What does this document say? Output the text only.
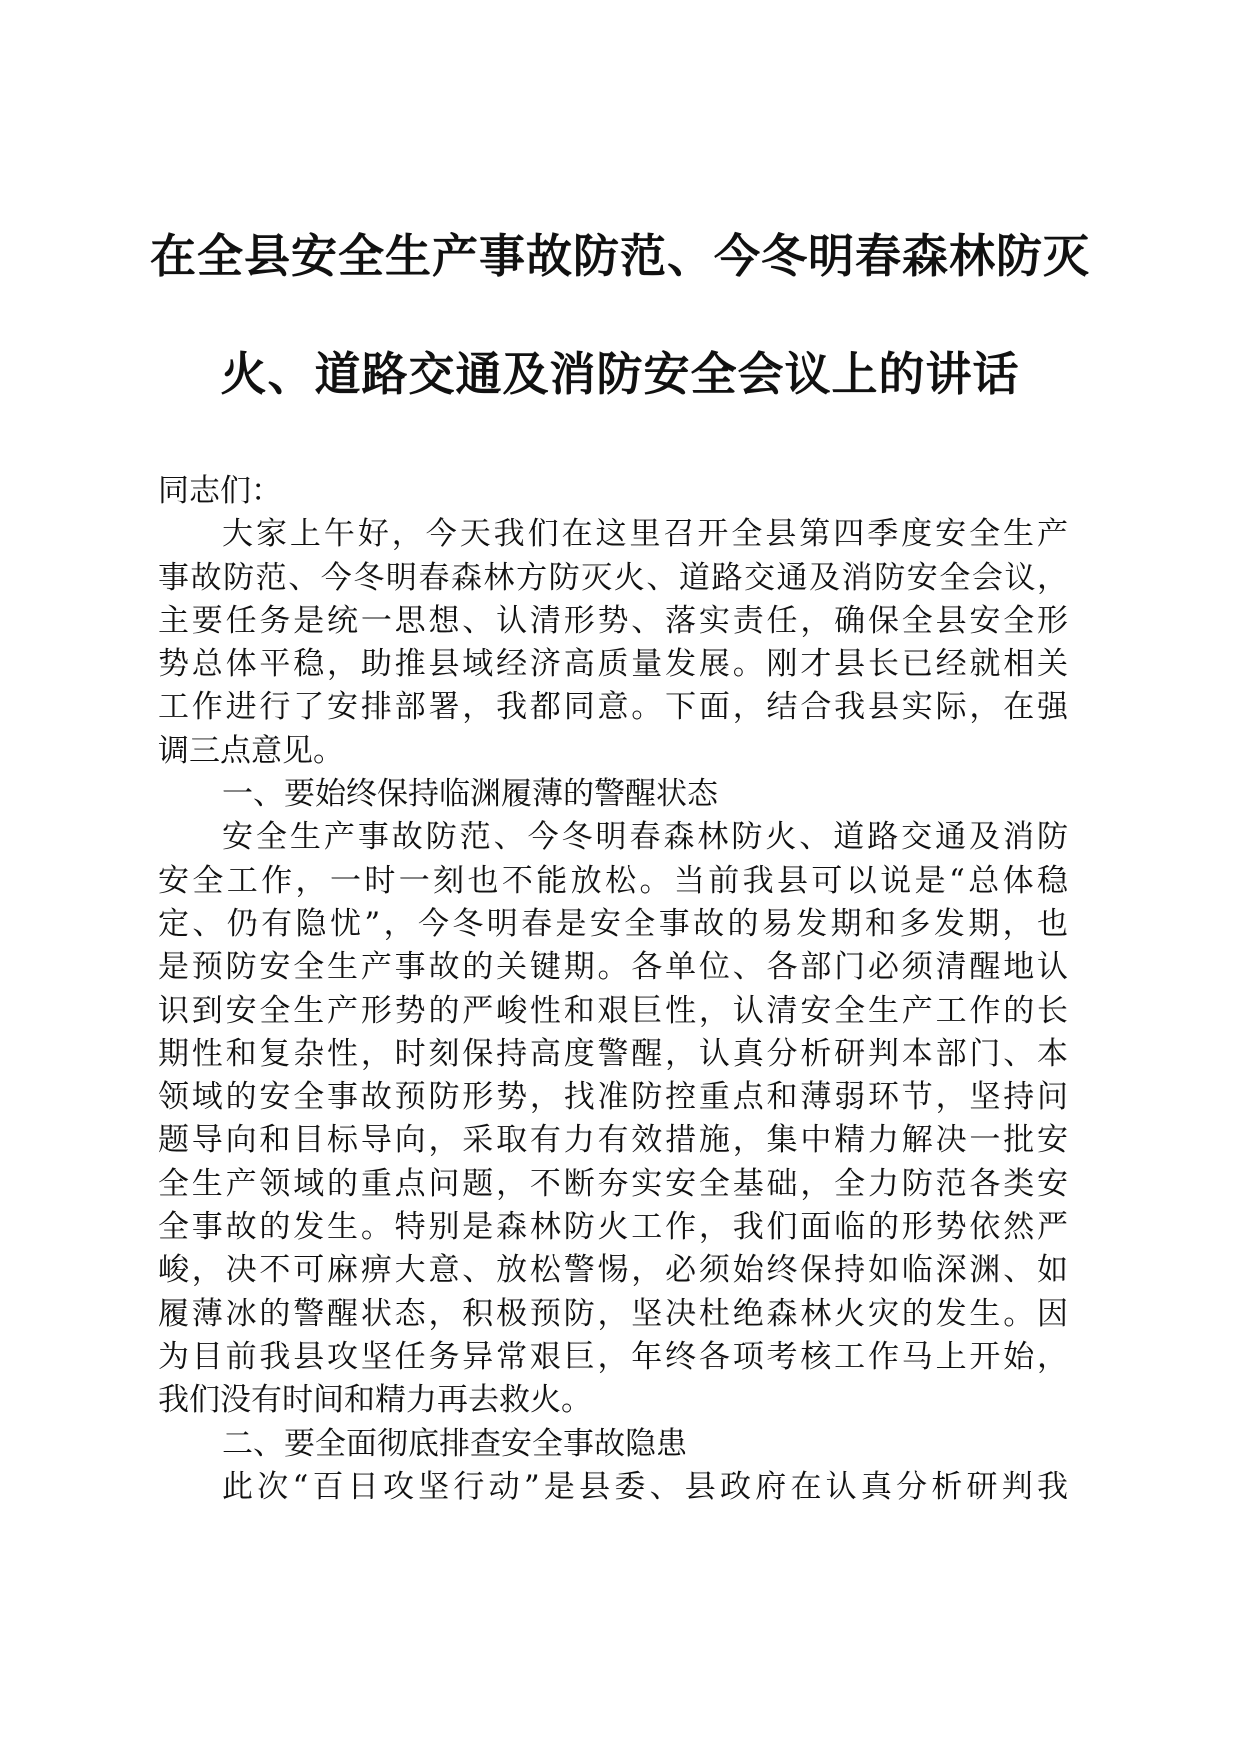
在全县安全生产事故防范、今冬明春森林防灭
火、道路交通及消防安全会议上的讲话
同志们：
大家上午好，今天我们在这里召开全县第四季度安全生产
事故防范、今冬明春森林方防灭火、道路交通及消防安全会议，
主要任务是统一思想、认清形势、落实责任，确保全县安全形
势总体平稳，助推县域经济高质量发展。刚才县长已经就相关
工作进行了安排部署，我都同意。下面，结合我县实际，在强
调三点意见。
一、要始终保持临渊履薄的警醒状态
安全生产事故防范、今冬明春森林防火、道路交通及消防
安全工作，一时一刻也不能放松。当前我县可以说是“总体稳
定、仍有隐忧”，今冬明春是安全事故的易发期和多发期，也
是预防安全生产事故的关键期。各单位、各部门必须清醒地认
识到安全生产形势的严峻性和艰巨性，认清安全生产工作的长
期性和复杂性，时刻保持高度警醒，认真分析研判本部门、本
领域的安全事故预防形势，找准防控重点和薄弱环节，坚持问
题导向和目标导向，采取有力有效措施，集中精力解决一批安
全生产领域的重点问题，不断夯实安全基础，全力防范各类安
全事故的发生。特别是森林防火工作，我们面临的形势依然严
峻，决不可麻痹大意、放松警惕，必须始终保持如临深渊、如
履薄冰的警醒状态，积极预防，坚决杜绝森林火灾的发生。因
为目前我县攻坚任务异常艰巨，年终各项考核工作马上开始，
我们没有时间和精力再去救火。
二、要全面彻底排查安全事故隐患
此次“百日攻坚行动”是县委、县政府在认真分析研判我
